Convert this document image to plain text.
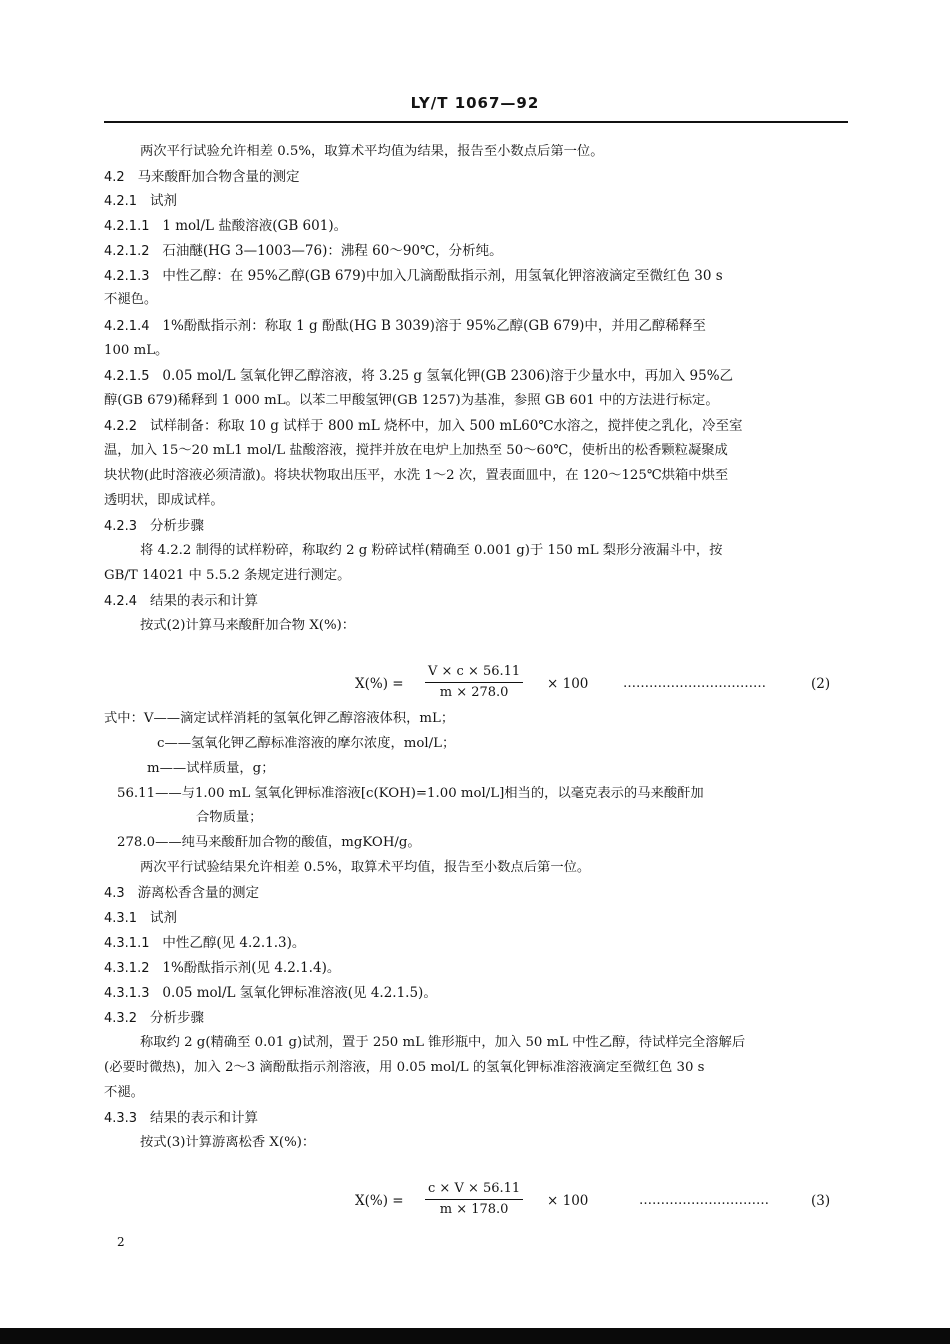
LY/T 1067—92
两次平行试验允许相差 0.5%，取算术平均值为结果，报告至小数点后第一位。
4.2 马来酸酐加合物含量的测定
4.2.1 试剂
4.2.1.1 1 mol/L 盐酸溶液(GB 601)。
4.2.1.2 石油醚(HG 3—1003—76)：沸程 60～90℃，分析纯。
4.2.1.3 中性乙醇：在 95%乙醇(GB 679)中加入几滴酚酞指示剂，用氢氧化钾溶液滴定至微红色 30 s
不褪色。
4.2.1.4 1%酚酞指示剂：称取 1 g 酚酞(HG B 3039)溶于 95%乙醇(GB 679)中，并用乙醇稀释至
100 mL。
4.2.1.5 0.05 mol/L 氢氧化钾乙醇溶液，将 3.25 g 氢氧化钾(GB 2306)溶于少量水中，再加入 95%乙
醇(GB 679)稀释到 1 000 mL。以苯二甲酸氢钾(GB 1257)为基准，参照 GB 601 中的方法进行标定。
4.2.2 试样制备：称取 10 g 试样于 800 mL 烧杯中，加入 500 mL60℃水溶之，搅拌使之乳化，冷至室
温，加入 15～20 mL1 mol/L 盐酸溶液，搅拌并放在电炉上加热至 50～60℃，使析出的松香颗粒凝聚成
块状物(此时溶液必须清澈)。将块状物取出压平，水洗 1～2 次，置表面皿中，在 120～125℃烘箱中烘至
透明状，即成试样。
4.2.3 分析步骤
将 4.2.2 制得的试样粉碎，称取约 2 g 粉碎试样(精确至 0.001 g)于 150 mL 梨形分液漏斗中，按
GB/T 14021 中 5.5.2 条规定进行测定。
4.2.4 结果的表示和计算
按式(2)计算马来酸酐加合物 X(%)：
$X(\%) = \frac{V \times c \times 56.11}{m \times 278.0} \times 100$	……………………………	(2)
式中：V——滴定试样消耗的氢氧化钾乙醇溶液体积，mL；
c——氢氧化钾乙醇标准溶液的摩尔浓度，mol/L；
m——试样质量，g；
56.11——与1.00 mL 氢氧化钾标准溶液[c(KOH)=1.00 mol/L]相当的，以毫克表示的马来酸酐加
合物质量；
278.0——纯马来酸酐加合物的酸值，mgKOH/g。
两次平行试验结果允许相差 0.5%，取算术平均值，报告至小数点后第一位。
4.3 游离松香含量的测定
4.3.1 试剂
4.3.1.1 中性乙醇(见 4.2.1.3)。
4.3.1.2 1%酚酞指示剂(见 4.2.1.4)。
4.3.1.3 0.05 mol/L 氢氧化钾标准溶液(见 4.2.1.5)。
4.3.2 分析步骤
称取约 2 g(精确至 0.01 g)试剂，置于 250 mL 锥形瓶中，加入 50 mL 中性乙醇，待试样完全溶解后
(必要时微热)，加入 2～3 滴酚酞指示剂溶液，用 0.05 mol/L 的氢氧化钾标准溶液滴定至微红色 30 s
不褪。
4.3.3 结果的表示和计算
按式(3)计算游离松香 X(%)：
$X(\%) = \frac{c \times V \times 56.11}{m \times 178.0} \times 100$	…………………………	(3)
2
